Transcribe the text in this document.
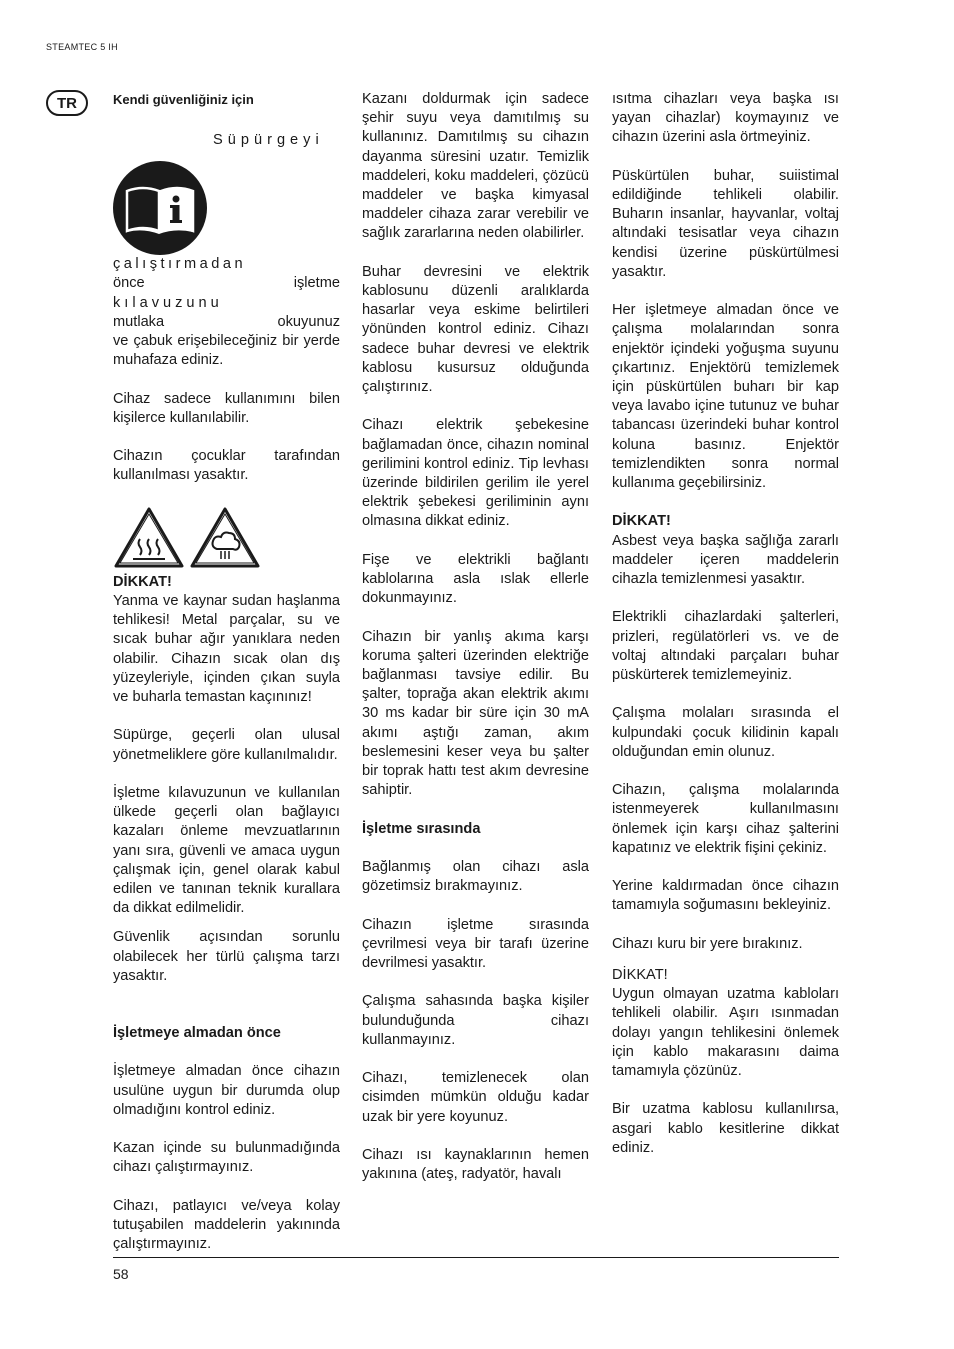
STEAMTEC 5 IH
TR	Kendi güvenliğiniz için
Süpürgeyi
çalıştırmadan
önce işletme
kılavuzunu
mutlaka okuyunuz

ve çabuk erişebileceğiniz bir yerde muhafaza ediniz.

Cihaz sadece kullanımını bilen kişilerce kullanılabilir.

Cihazın çocuklar tarafından kullanılması yasaktır.

DİKKAT!

Yanma ve kaynar sudan haşlanma tehlikesi! Metal parçalar, su ve sıcak buhar ağır yanıklara neden olabilir. Cihazın sıcak olan dış yüzeyleriyle, içinden çıkan suyla ve buharla temastan kaçınınız!

Süpürge, geçerli olan ulusal yönetmeliklere göre kullanılmalıdır.

İşletme kılavuzunun ve kullanılan ülkede geçerli olan bağlayıcı kazaları önleme mevzuatlarının yanı sıra, güvenli ve amaca uygun çalışmak için, genel olarak kabul edilen ve tanınan teknik kurallara da dikkat edilmelidir.

Güvenlik açısından sorunlu olabilecek her türlü çalışma tarzı yasaktır.

İşletmeye almadan önce

İşletmeye almadan önce cihazın usulüne uygun bir durumda olup olmadığını kontrol ediniz.

Kazan içinde su bulunmadığında cihazı çalıştırmayınız.

Cihazı, patlayıcı ve/veya kolay tutuşabilen maddelerin yakınında çalıştırmayınız.

Kazanı doldurmak için sadece şehir suyu veya damıtılmış su kullanınız. Damıtılmış su cihazın dayanma süresini uzatır. Temizlik maddeleri, koku maddeleri, çözücü maddeler ve başka kimyasal maddeler cihaza zarar verebilir ve sağlık zararlarına neden olabilirler.

Buhar devresini ve elektrik kablosunu düzenli aralıklarda hasarlar veya eskime belirtileri yönünden kontrol ediniz. Cihazı sadece buhar devresi ve elektrik kablosu kusursuz olduğunda çalıştırınız.

Cihazı elektrik şebekesine bağlamadan önce, cihazın nominal gerilimini kontrol ediniz. Tip levhası üzerinde bildirilen gerilim ile yerel elektrik şebekesi geriliminin aynı olmasına dikkat ediniz.

Fişe ve elektrikli bağlantı kablolarına asla ıslak ellerle dokunmayınız.

Cihazın bir yanlış akıma karşı koruma şalteri üzerinden elektriğe bağlanması tavsiye edilir. Bu şalter, toprağa akan elektrik akımı 30 ms kadar bir süre için 30 mA akımı aştığı zaman, akım beslemesini keser veya bu şalter bir toprak hattı test akım devresine sahiptir.

İşletme sırasında

Bağlanmış olan cihazı asla gözetimsiz bırakmayınız.

Cihazın işletme sırasında çevrilmesi veya bir tarafı üzerine devrilmesi yasaktır.

Çalışma sahasında başka kişiler bulunduğunda cihazı kullanmayınız.

Cihazı, temizlenecek olan cisimden mümkün olduğu kadar uzak bir yere koyunuz.

Cihazı ısı kaynaklarının hemen yakınına (ateş, radyatör, havalı

ısıtma cihazları veya başka ısı yayan cihazlar) koymayınız ve cihazın üzerini asla örtmeyiniz.

Püskürtülen buhar, suiistimal edildiğinde tehlikeli olabilir. Buharın insanlar, hayvanlar, voltaj altındaki tesisatlar veya cihazın kendisi üzerine püskürtülmesi yasaktır.

Her işletmeye almadan önce ve çalışma molalarından sonra enjektör içindeki yoğuşma suyunu çıkartınız. Enjektörü temizlemek için püskürtülen buharı bir kap veya lavabo içine tutunuz ve buhar tabancası üzerindeki buhar kontrol koluna basınız. Enjektör temizlendikten sonra normal kullanıma geçebilirsiniz.

DİKKAT!

Asbest veya başka sağlığa zararlı maddeler içeren maddelerin cihazla temizlenmesi yasaktır.

Elektrikli cihazlardaki şalterleri, prizleri, regülatörleri vs. ve de voltaj altındaki parçaları buhar püskürterek temizlemeyiniz.

Çalışma molaları sırasında el kulpundaki çocuk kilidinin kapalı olduğundan emin olunuz.

Cihazın, çalışma molalarında istenmeyerek kullanılmasını önlemek için karşı cihaz şalterini kapatınız ve elektrik fişini çekiniz.

Yerine kaldırmadan önce cihazın tamamıyla soğumasını bekleyiniz.

Cihazı kuru bir yere bırakınız.

DİKKAT!

Uygun olmayan uzatma kabloları tehlikeli olabilir. Aşırı ısınmadan dolayı yangın tehlikesini önlemek için kablo makarasını daima tamamıyla çözünüz.

Bir uzatma kablosu kullanılırsa, asgari kablo kesitlerine dikkat ediniz.

58
